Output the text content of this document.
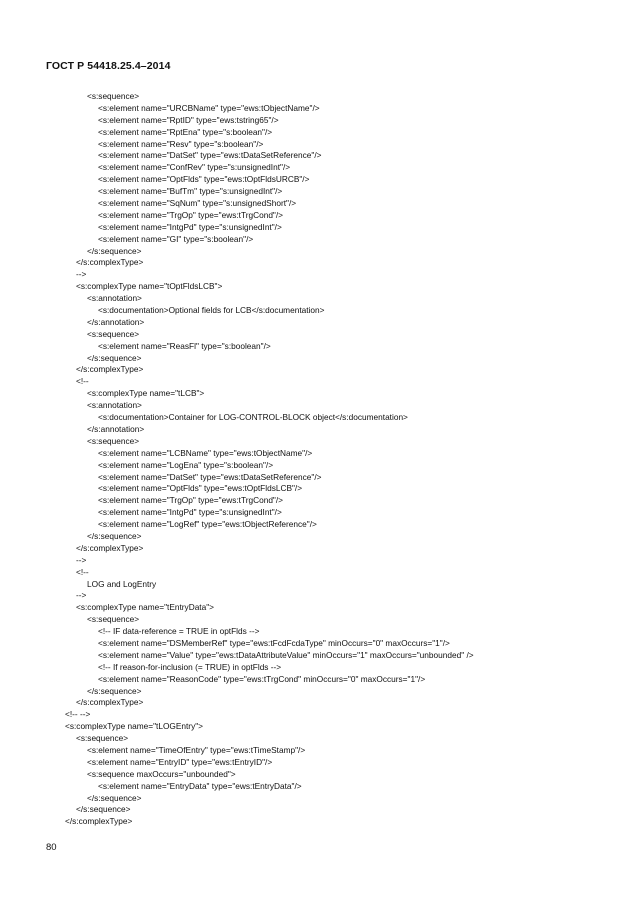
ГОСТ Р 54418.25.4–2014
<s:sequence>
<s:element name="URCBName" type="ews:tObjectName"/>
<s:element name="RptID" type="ews:tstring65"/>
<s:element name="RptEna" type="s:boolean"/>
<s:element name="Resv" type="s:boolean"/>
<s:element name="DatSet" type="ews:tDataSetReference"/>
<s:element name="ConfRev" type="s:unsignedInt"/>
<s:element name="OptFlds" type="ews:tOptFldsURCB"/>
<s:element name="BufTm" type="s:unsignedInt"/>
<s:element name="SqNum" type="s:unsignedShort"/>
<s:element name="TrgOp" type="ews:tTrgCond"/>
<s:element name="IntgPd" type="s:unsignedInt"/>
<s:element name="GI" type="s:boolean"/>
</s:sequence>
</s:complexType>
-->
<s:complexType name="tOptFldsLCB">
<s:annotation>
<s:documentation>Optional fields for LCB</s:documentation>
</s:annotation>
<s:sequence>
<s:element name="ReasFl" type="s:boolean"/>
</s:sequence>
</s:complexType>
<!--
<s:complexType name="tLCB">
<s:annotation>
<s:documentation>Container for LOG-CONTROL-BLOCK object</s:documentation>
</s:annotation>
<s:sequence>
<s:element name="LCBName" type="ews:tObjectName"/>
<s:element name="LogEna" type="s:boolean"/>
<s:element name="DatSet" type="ews:tDataSetReference"/>
<s:element name="OptFlds" type="ews:tOptFldsLCB"/>
<s:element name="TrgOp" type="ews:tTrgCond"/>
<s:element name="IntgPd" type="s:unsignedInt"/>
<s:element name="LogRef" type="ews:tObjectReference"/>
</s:sequence>
</s:complexType>
-->
<!--
LOG and LogEntry
-->
<s:complexType name="tEntryData">
<s:sequence>
<!-- IF data-reference = TRUE in optFlds -->
<s:element name="DSMemberRef" type="ews:tFcdFcdaType" minOccurs="0" maxOccurs="1"/>
<s:element name="Value" type="ews:tDataAttributeValue" minOccurs="1" maxOccurs="unbounded" />
<!-- If reason-for-inclusion (= TRUE) in optFlds -->
<s:element name="ReasonCode" type="ews:tTrgCond" minOccurs="0" maxOccurs="1"/>
</s:sequence>
</s:complexType>
<!-- -->
<s:complexType name="tLOGEntry">
<s:sequence>
<s:element name="TimeOfEntry" type="ews:tTimeStamp"/>
<s:element name="EntryID" type="ews:tEntryID"/>
<s:sequence maxOccurs="unbounded">
<s:element name="EntryData" type="ews:tEntryData"/>
</s:sequence>
</s:sequence>
</s:complexType>
80
